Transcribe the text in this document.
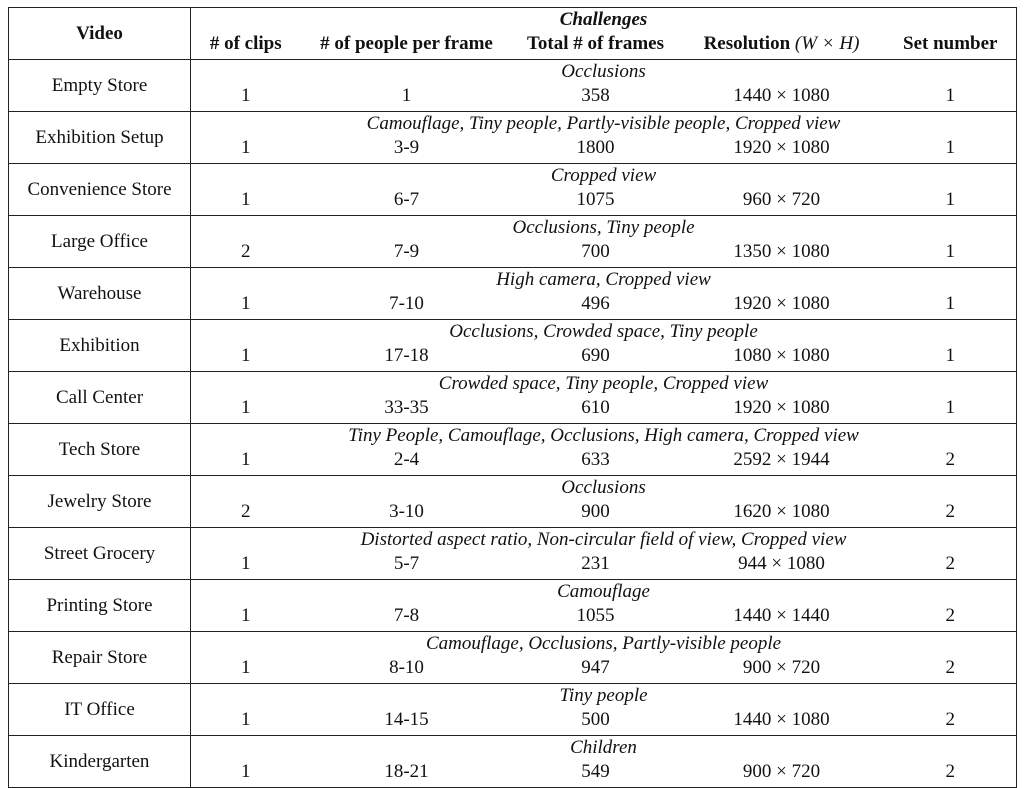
Video	Challenges				
	# of clips	# of people per frame	Total # of frames	Resolution (W × H)	Set number
Empty Store	Occlusions				
	1	1	358	1440 × 1080	1
Exhibition Setup	Camouflage, Tiny people, Partly-visible people, Cropped view				
	1	3-9	1800	1920 × 1080	1
Convenience Store	Cropped view				
	1	6-7	1075	960 × 720	1
Large Office	Occlusions, Tiny people				
	2	7-9	700	1350 × 1080	1
Warehouse	High camera, Cropped view				
	1	7-10	496	1920 × 1080	1
Exhibition	Occlusions, Crowded space, Tiny people				
	1	17-18	690	1080 × 1080	1
Call Center	Crowded space, Tiny people, Cropped view				
	1	33-35	610	1920 × 1080	1
Tech Store	Tiny People, Camouflage, Occlusions, High camera, Cropped view				
	1	2-4	633	2592 × 1944	2
Jewelry Store	Occlusions				
	2	3-10	900	1620 × 1080	2
Street Grocery	Distorted aspect ratio, Non-circular field of view, Cropped view				
	1	5-7	231	944 × 1080	2
Printing Store	Camouflage				
	1	7-8	1055	1440 × 1440	2
Repair Store	Camouflage, Occlusions, Partly-visible people				
	1	8-10	947	900 × 720	2
IT Office	Tiny people				
	1	14-15	500	1440 × 1080	2
Kindergarten	Children				
	1	18-21	549	900 × 720	2
